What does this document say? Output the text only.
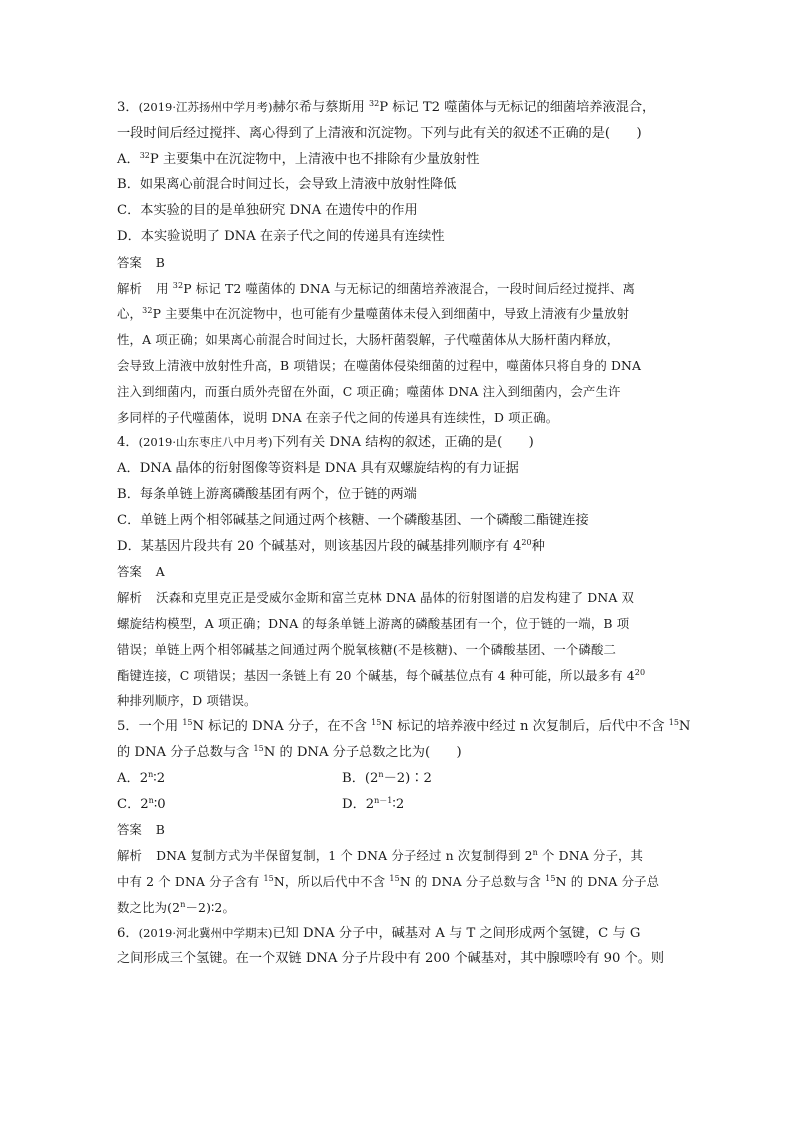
3．(2019·江苏扬州中学月考)赫尔希与蔡斯用 $^{32}$P 标记 T2 噬菌体与无标记的细菌培养液混合，
一段时间后经过搅拌、离心得到了上清液和沉淀物。下列与此有关的叙述不正确的是(　　)
A．$^{32}$P 主要集中在沉淀物中，上清液中也不排除有少量放射性
B．如果离心前混合时间过长，会导致上清液中放射性降低
C．本实验的目的是单独研究 DNA 在遗传中的作用
D．本实验说明了 DNA 在亲子代之间的传递具有连续性
答案 B
解析 用 $^{32}$P 标记 T2 噬菌体的 DNA 与无标记的细菌培养液混合，一段时间后经过搅拌、离
心，$^{32}$P 主要集中在沉淀物中，也可能有少量噬菌体未侵入到细菌中，导致上清液有少量放射
性，A 项正确；如果离心前混合时间过长，大肠杆菌裂解，子代噬菌体从大肠杆菌内释放，
会导致上清液中放射性升高，B 项错误；在噬菌体侵染细菌的过程中，噬菌体只将自身的 DNA
注入到细菌内，而蛋白质外壳留在外面，C 项正确；噬菌体 DNA 注入到细菌内，会产生许
多同样的子代噬菌体，说明 DNA 在亲子代之间的传递具有连续性，D 项正确。
4．(2019·山东枣庄八中月考)下列有关 DNA 结构的叙述，正确的是(　　)
A．DNA 晶体的衍射图像等资料是 DNA 具有双螺旋结构的有力证据
B．每条单链上游离磷酸基团有两个，位于链的两端
C．单链上两个相邻碱基之间通过两个核糖、一个磷酸基团、一个磷酸二酯键连接
D．某基因片段共有 20 个碱基对，则该基因片段的碱基排列顺序有 $4^{20}$种
答案 A
解析 沃森和克里克正是受威尔金斯和富兰克林 DNA 晶体的衍射图谱的启发构建了 DNA 双
螺旋结构模型，A 项正确；DNA 的每条单链上游离的磷酸基团有一个，位于链的一端，B 项
错误；单链上两个相邻碱基之间通过两个脱氧核糖(不是核糖)、一个磷酸基团、一个磷酸二
酯键连接，C 项错误；基因一条链上有 20 个碱基，每个碱基位点有 4 种可能，所以最多有 $4^{20}$
种排列顺序，D 项错误。
5．一个用 $^{15}$N 标记的 DNA 分子，在不含 $^{15}$N 标记的培养液中经过 n 次复制后，后代中不含 $^{15}$N
的 DNA 分子总数与含 $^{15}$N 的 DNA 分子总数之比为(　　)
A．2$^n$∶2	B．$(2^n-2)∶2$
C．2$^n$∶0	D．$2^{n-1}∶2$
答案 B
解析 DNA 复制方式为半保留复制，1 个 DNA 分子经过 n 次复制得到 2$^n$ 个 DNA 分子，其
中有 2 个 DNA 分子含有 $^{15}$N，所以后代中不含 $^{15}$N 的 DNA 分子总数与含 $^{15}$N 的 DNA 分子总
数之比为$(2^n-2)∶2$。
6．(2019·河北冀州中学期末)已知 DNA 分子中，碱基对 A 与 T 之间形成两个氢键，C 与 G
之间形成三个氢键。在一个双链 DNA 分子片段中有 200 个碱基对，其中腺嘌呤有 90 个。则
